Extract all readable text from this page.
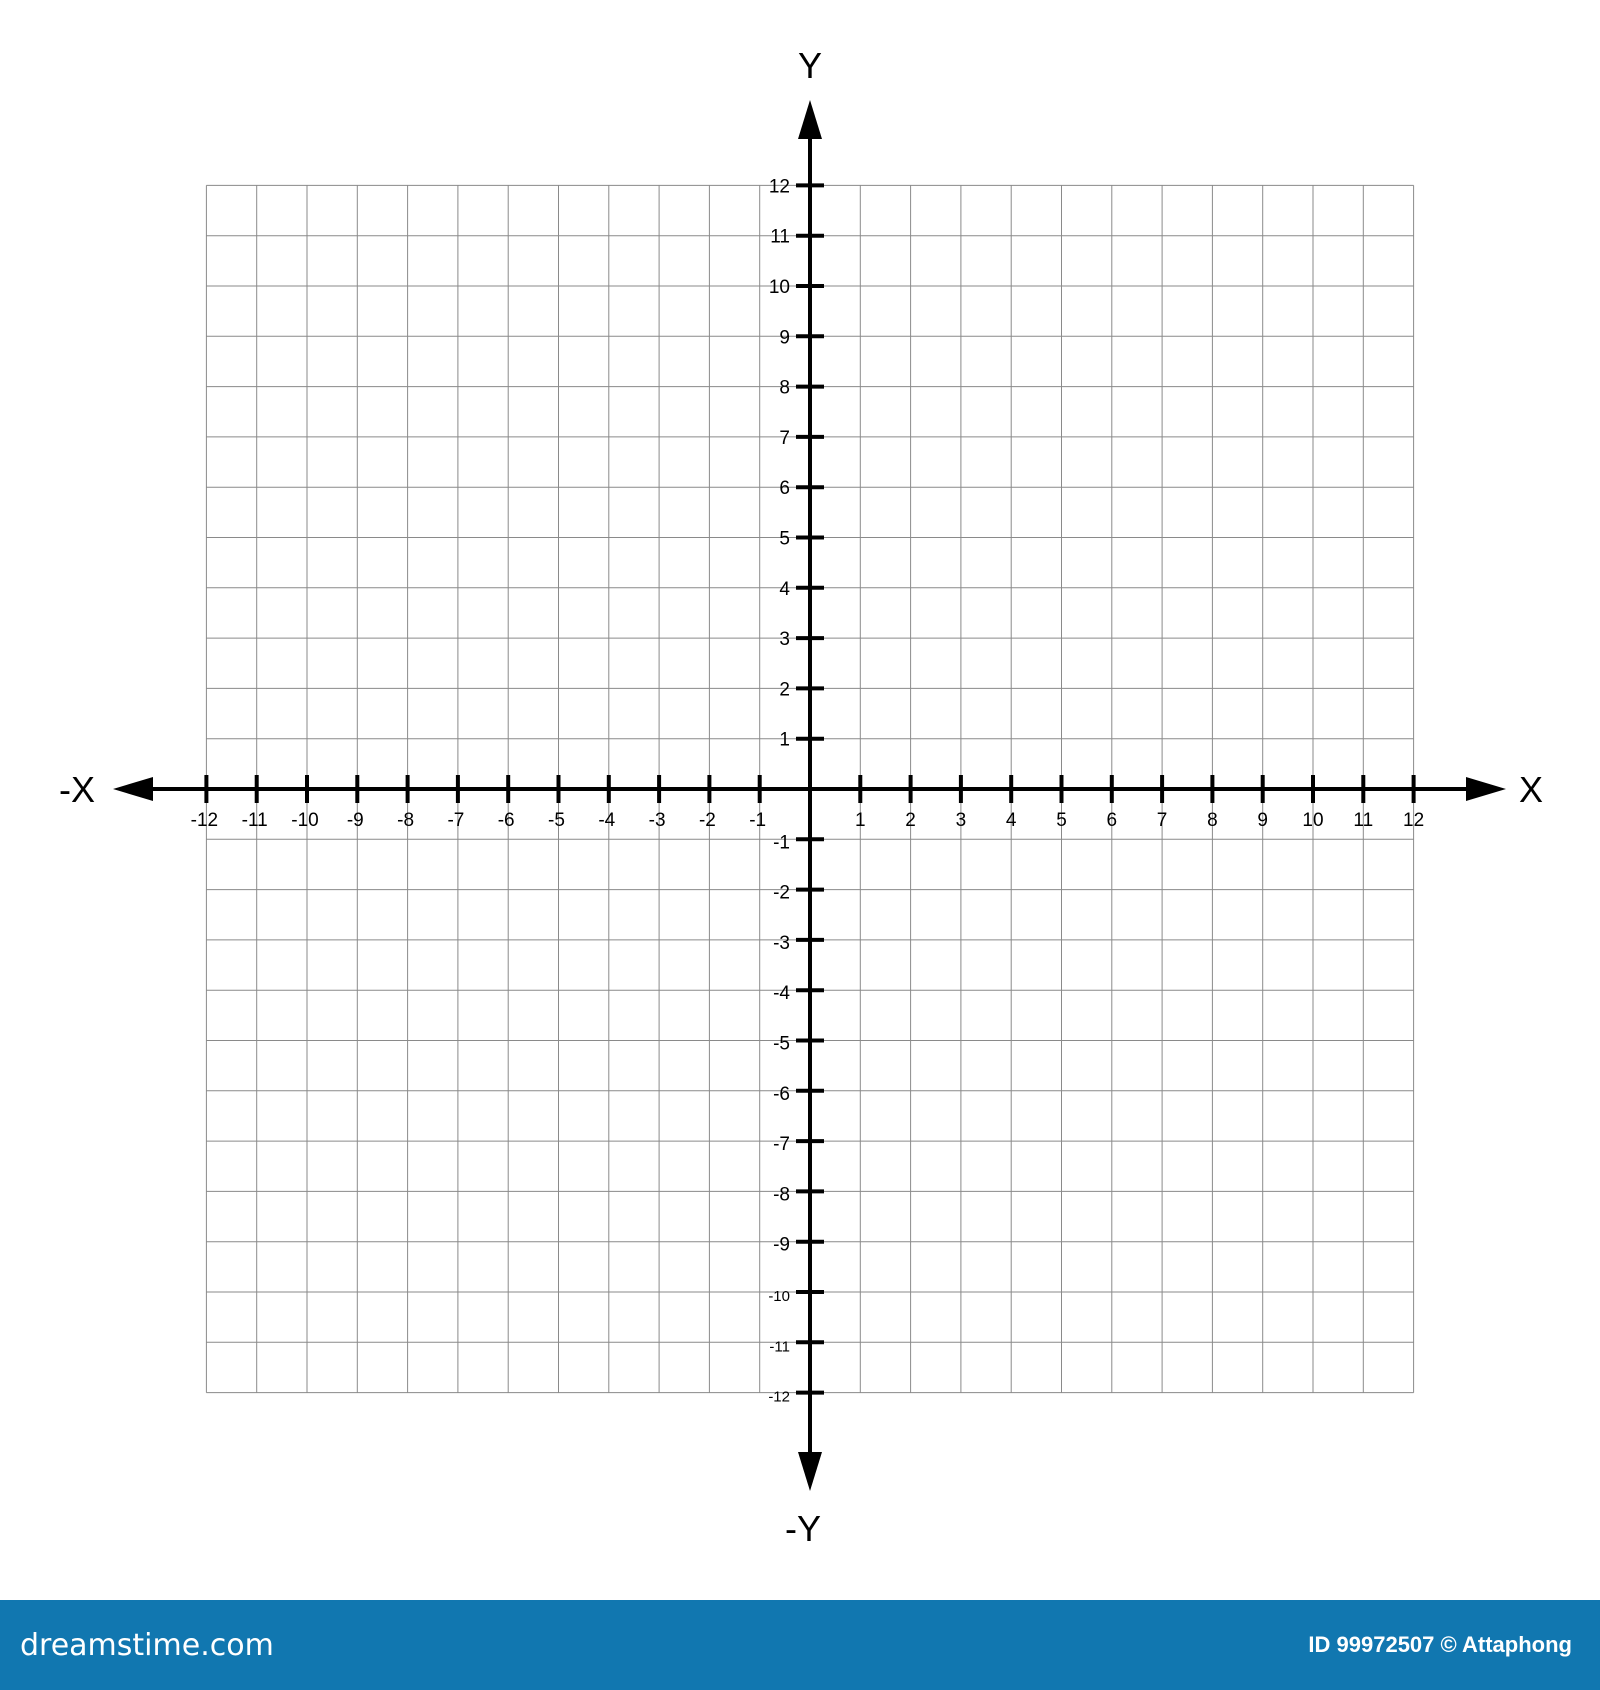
-12 -11 -10 -9 -8 -7 -6 -5 -4 -3 -2 -1	1 2 3 4 5 6 7 8 9 10 11 12
-12
-11
-10
-9
-8
-7
-6
-5
-4
-3
-2
-1
1
2
3
4
5
6
7
8
9
10
11
12
X
-X
Y
-Y
dreamstime.com	ID 99972507 © Attaphong
